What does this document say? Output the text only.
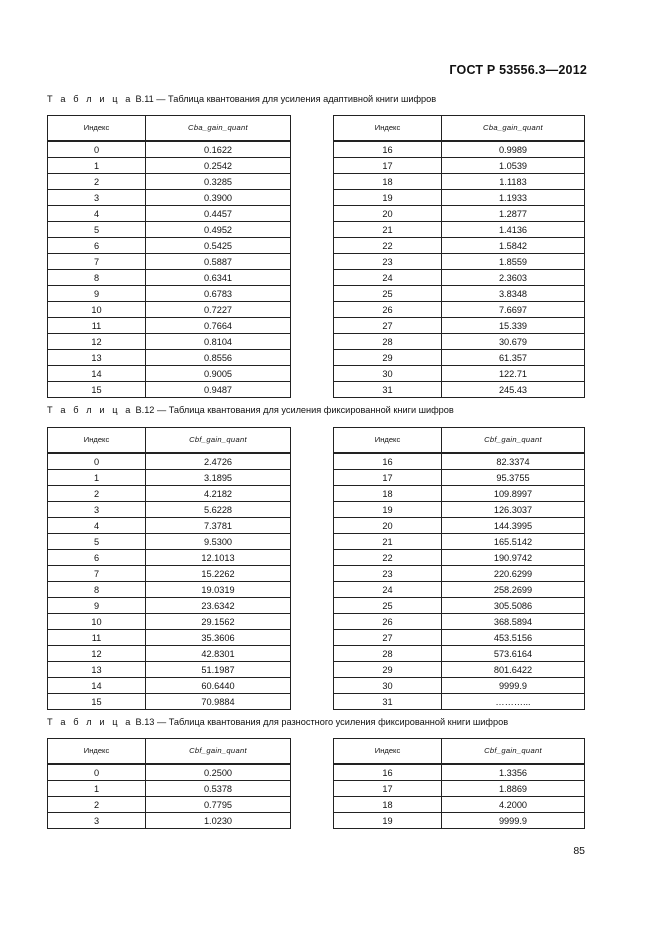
ГОСТ Р 53556.3—2012
Т а б л и ц а В.11 — Таблица квантования для усиления адаптивной книги шифров
Индекс	Cba_gain_quant
0	0.1622
1	0.2542
2	0.3285
3	0.3900
4	0.4457
5	0.4952
6	0.5425
7	0.5887
8	0.6341
9	0.6783
10	0.7227
11	0.7664
12	0.8104
13	0.8556
14	0.9005
15	0.9487
Индекс	Cba_gain_quant
16	0.9989
17	1.0539
18	1.1183
19	1.1933
20	1.2877
21	1.4136
22	1.5842
23	1.8559
24	2.3603
25	3.8348
26	7.6697
27	15.339
28	30.679
29	61.357
30	122.71
31	245.43
Т а б л и ц а В.12 — Таблица квантования для усиления фиксированной книги шифров
Индекс	Cbf_gain_quant
0	2.4726
1	3.1895
2	4.2182
3	5.6228
4	7.3781
5	9.5300
6	12.1013
7	15.2262
8	19.0319
9	23.6342
10	29.1562
11	35.3606
12	42.8301
13	51.1987
14	60.6440
15	70.9884
Индекс	Cbf_gain_quant
16	82.3374
17	95.3755
18	109.8997
19	126.3037
20	144.3995
21	165.5142
22	190.9742
23	220.6299
24	258.2699
25	305.5086
26	368.5894
27	453.5156
28	573.6164
29	801.6422
30	9999.9
31	………...
Т а б л и ц а В.13 — Таблица квантования для разностного усиления фиксированной книги шифров
Индекс	Cbf_gain_quant
0	0.2500
1	0.5378
2	0.7795
3	1.0230
Индекс	Cbf_gain_quant
16	1.3356
17	1.8869
18	4.2000
19	9999.9
85
